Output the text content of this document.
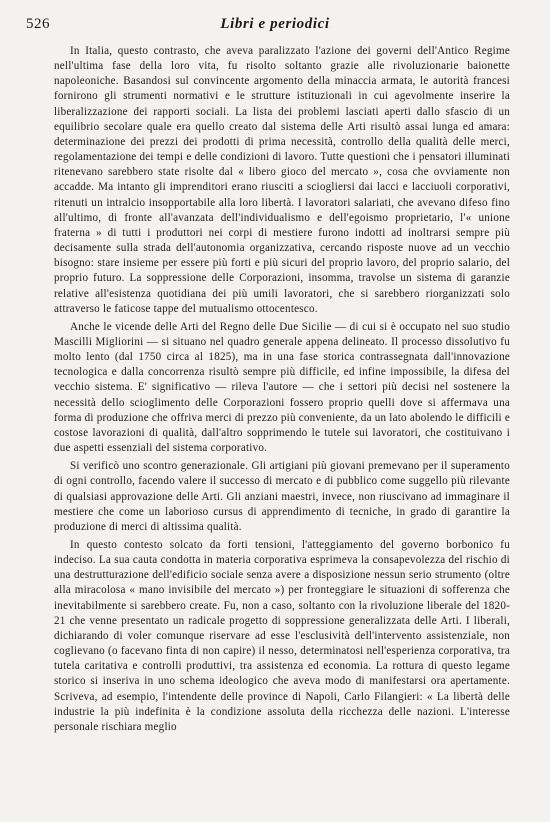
526	Libri e periodici

In Italia, questo contrasto, che aveva paralizzato l'azione dei governi dell'Antico Regime nell'ultima fase della loro vita, fu risolto soltanto grazie alle rivoluzionarie baionette napoleoniche. Basandosi sul convincente argomento della minaccia armata, le autorità francesi fornirono gli strumenti normativi e le strutture istituzionali in cui agevolmente inserire la liberalizzazione dei rapporti sociali. La lista dei problemi lasciati aperti dallo sfascio di un equilibrio secolare quale era quello creato dal sistema delle Arti risultò assai lunga ed amara: determinazione dei prezzi dei prodotti di prima necessità, controllo della qualità delle merci, regolamentazione dei tempi e delle condizioni di lavoro. Tutte questioni che i pensatori illuminati ritenevano sarebbero state risolte dal « libero gioco del mercato », cosa che ovviamente non accadde. Ma intanto gli imprenditori erano riusciti a sciogliersi dai lacci e lacciuoli corporativi, ritenuti un intralcio insopportabile alla loro libertà. I lavoratori salariati, che avevano difeso fino all'ultimo, di fronte all'avanzata dell'individualismo e dell'egoismo proprietario, l'« unione fraterna » di tutti i produttori nei corpi di mestiere furono indotti ad inoltrarsi sempre più decisamente sulla strada dell'autonomia organizzativa, cercando risposte nuove ad un vecchio bisogno: stare insieme per essere più forti e più sicuri del proprio lavoro, del proprio salario, del proprio futuro. La soppressione delle Corporazioni, insomma, travolse un sistema di garanzie relative all'esistenza quotidiana dei più umili lavoratori, che si sarebbero riorganizzati solo attraverso le faticose tappe del mutualismo ottocentesco.

Anche le vicende delle Arti del Regno delle Due Sicilie — di cui si è occupato nel suo studio Mascilli Migliorini — si situano nel quadro generale appena delineato. Il processo dissolutivo fu molto lento (dal 1750 circa al 1825), ma in una fase storica contrassegnata dall'innovazione tecnologica e dalla concorrenza risultò sempre più difficile, ed infine impossibile, la difesa del vecchio sistema. E' significativo — rileva l'autore — che i settori più decisi nel sostenere la necessità dello scioglimento delle Corporazioni fossero proprio quelli dove si affermava una forma di produzione che offriva merci di prezzo più conveniente, da un lato abolendo le difficili e costose lavorazioni di qualità, dall'altro sopprimendo le tutele sui lavoratori, che costituivano i due aspetti essenziali del sistema corporativo.

Si verificò uno scontro generazionale. Gli artigiani più giovani premevano per il superamento di ogni controllo, facendo valere il successo di mercato e di pubblico come suggello più rilevante di qualsiasi approvazione delle Arti. Gli anziani maestri, invece, non riuscivano ad immaginare il mestiere che come un laborioso cursus di apprendimento di tecniche, in grado di garantire la produzione di merci di altissima qualità.

In questo contesto solcato da forti tensioni, l'atteggiamento del governo borbonico fu indeciso. La sua cauta condotta in materia corporativa esprimeva la consapevolezza del rischio di una destrutturazione dell'edificio sociale senza avere a disposizione nessun serio strumento (oltre alla miracolosa « mano invisibile del mercato ») per fronteggiare le situazioni di sofferenza che inevitabilmente si sarebbero create. Fu, non a caso, soltanto con la rivoluzione liberale del 1820-21 che venne presentato un radicale progetto di soppressione generalizzata delle Arti. I liberali, dichiarando di voler comunque riservare ad esse l'esclusività dell'intervento assistenziale, non coglievano (o facevano finta di non capire) il nesso, determinatosi nell'esperienza corporativa, tra tutela caritativa e controlli produttivi, tra assistenza ed economia. La rottura di questo legame storico si inseriva in uno schema ideologico che aveva modo di manifestarsi ora apertamente. Scriveva, ad esempio, l'intendente delle province di Napoli, Carlo Filangieri: « La libertà delle industrie la più indefinita è la condizione assoluta della ricchezza delle nazioni. L'interesse personale rischiara meglio
